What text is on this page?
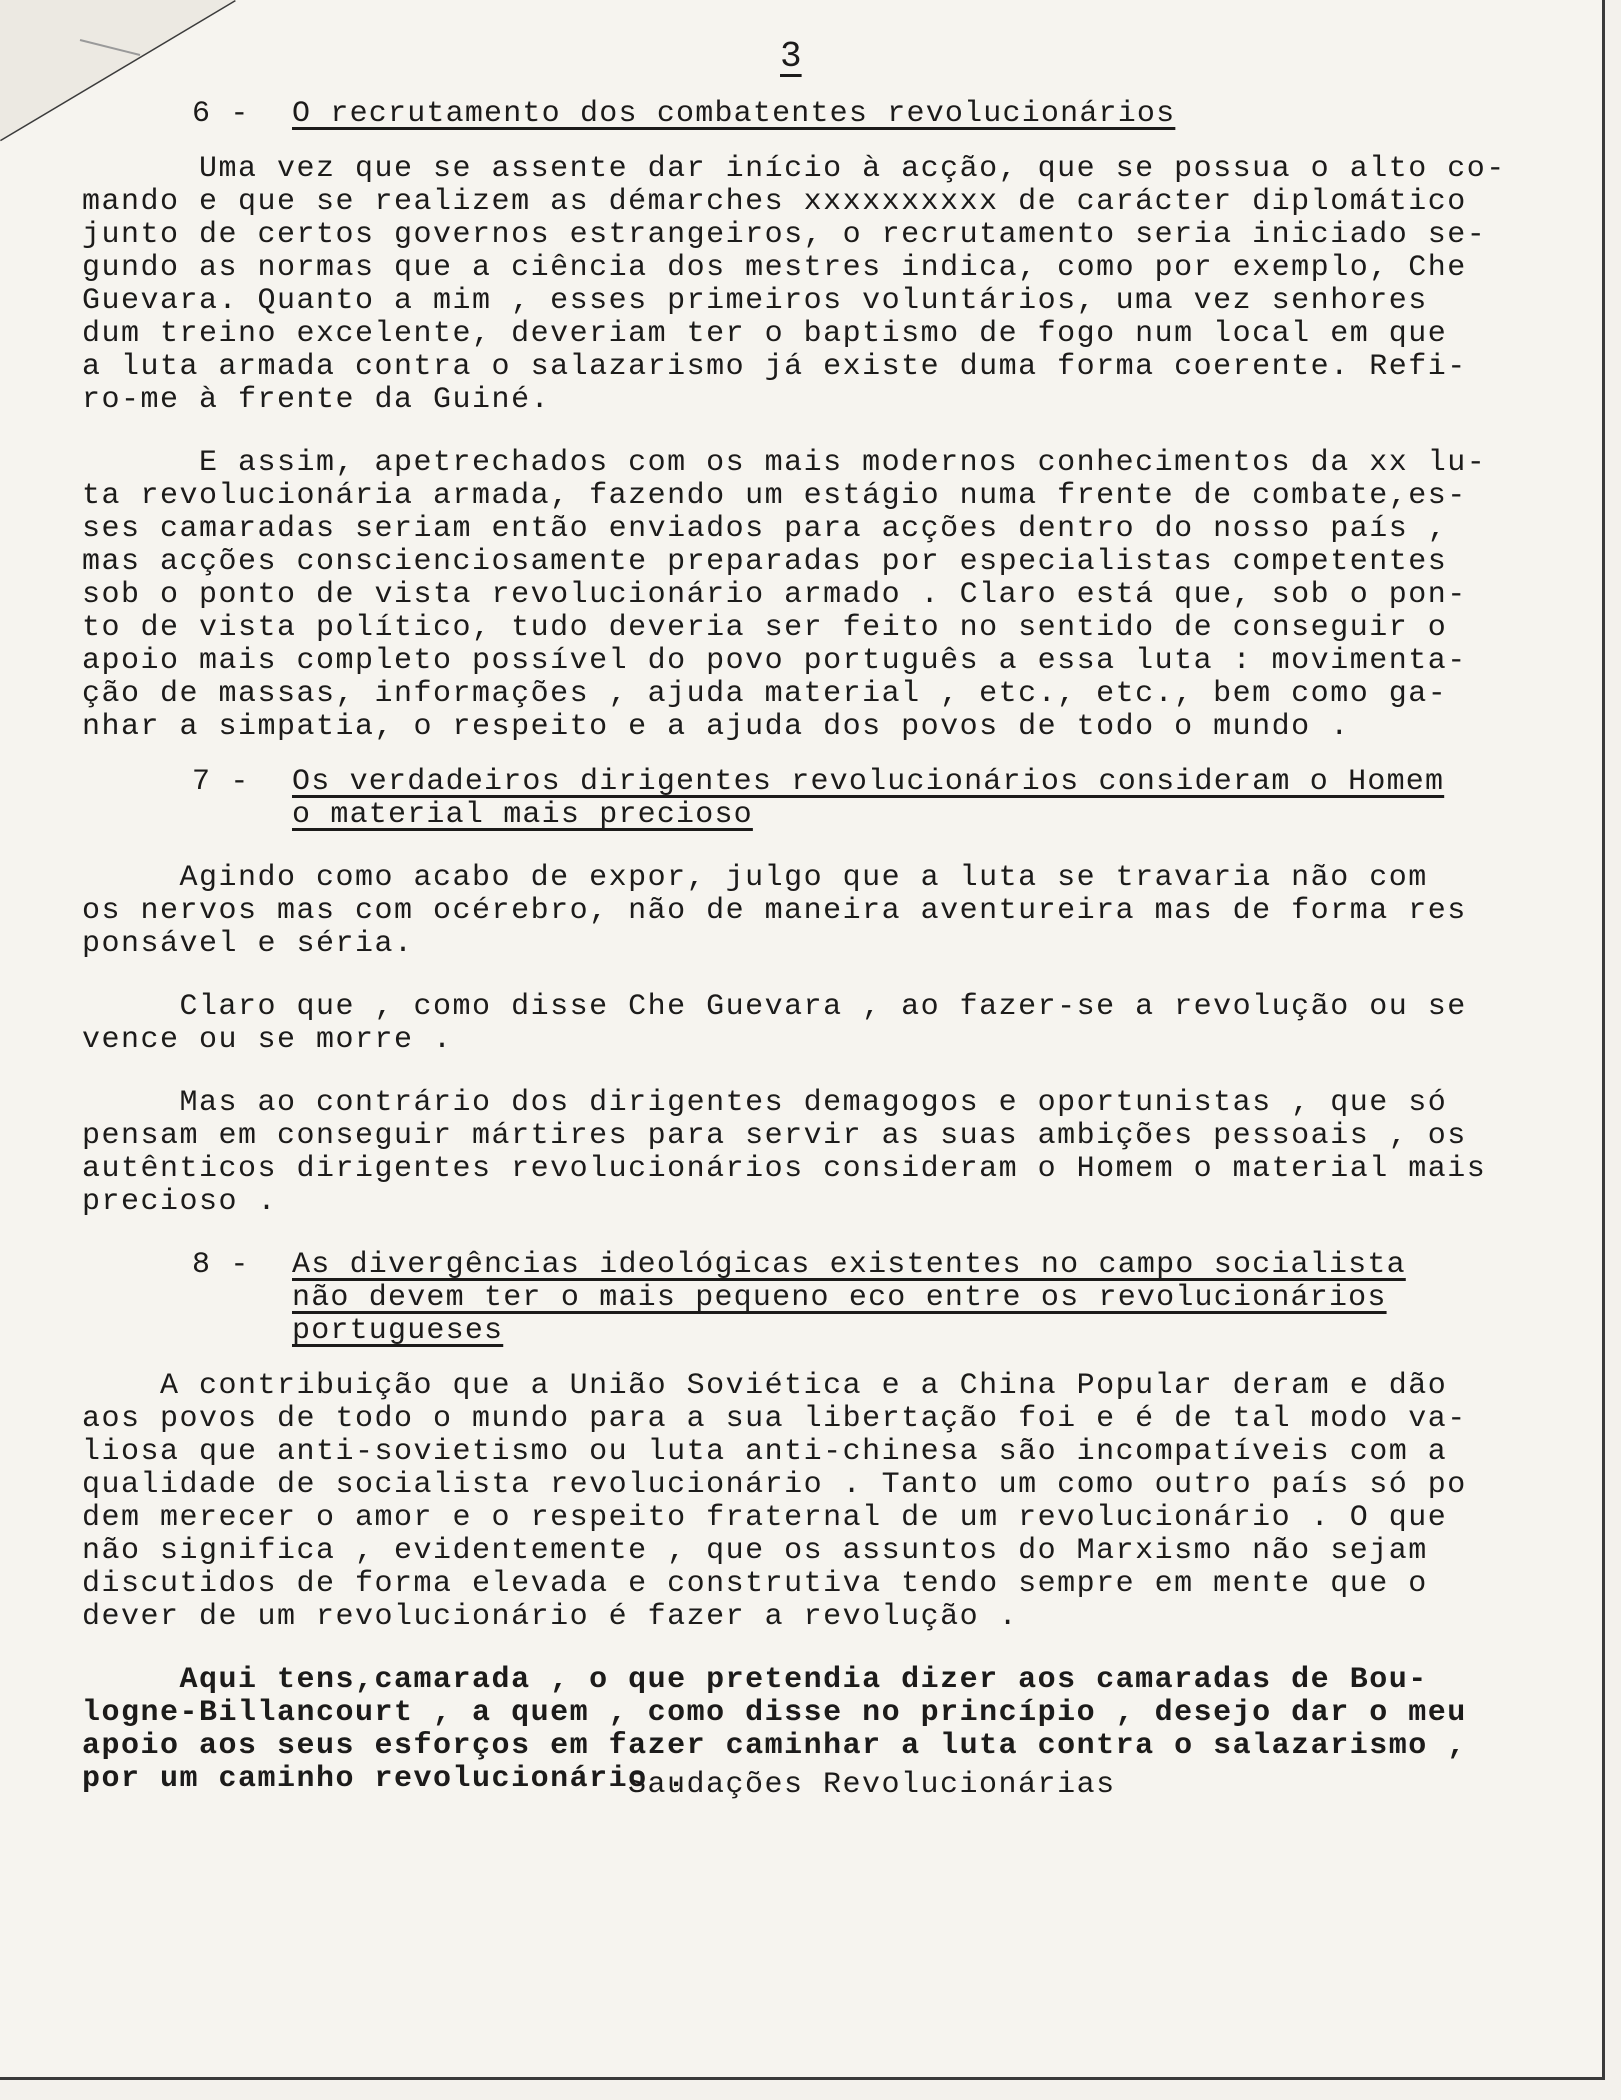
3

6 - O recrutamento dos combatentes revolucionários
Uma vez que se assente dar início à acção, que se possua o alto co-
mando e que se realizem as démarches xxxxxxxxxx de carácter diplomático
junto de certos governos estrangeiros, o recrutamento seria iniciado se-
gundo as normas que a ciência dos mestres indica, como por exemplo, Che
Guevara. Quanto a mim , esses primeiros voluntários, uma vez senhores
dum treino excelente, deveriam ter o baptismo de fogo num local em que
a luta armada contra o salazarismo já existe duma forma coerente. Refi-
ro-me à frente da Guiné.
E assim, apetrechados com os mais modernos conhecimentos da xx lu-
ta revolucionária armada, fazendo um estágio numa frente de combate,es-
ses camaradas seriam então enviados para acções dentro do nosso país ,
mas acções conscienciosamente preparadas por especialistas competentes
sob o ponto de vista revolucionário armado . Claro está que, sob o pon-
to de vista político, tudo deveria ser feito no sentido de conseguir o
apoio mais completo possível do povo português a essa luta : movimenta-
ção de massas, informações , ajuda material , etc., etc., bem como ga-
nhar a simpatia, o respeito e a ajuda dos povos de todo o mundo .
7 - Os verdadeiros dirigentes revolucionários consideram o Homem
o material mais precioso
Agindo como acabo de expor, julgo que a luta se travaria não com
os nervos mas com océrebro, não de maneira aventureira mas de forma res
ponsável e séria.
Claro que , como disse Che Guevara , ao fazer-se a revolução ou se
vence ou se morre .
Mas ao contrário dos dirigentes demagogos e oportunistas , que só
pensam em conseguir mártires para servir as suas ambições pessoais , os
autênticos dirigentes revolucionários consideram o Homem o material mais
precioso .
8 - As divergências ideológicas existentes no campo socialista
não devem ter o mais pequeno eco entre os revolucionários
portugueses
A contribuição que a União Soviética e a China Popular deram e dão
aos povos de todo o mundo para a sua libertação foi e é de tal modo va-
liosa que anti-sovietismo ou luta anti-chinesa são incompatíveis com a
qualidade de socialista revolucionário . Tanto um como outro país só po
dem merecer o amor e o respeito fraternal de um revolucionário . O que
não significa , evidentemente , que os assuntos do Marxismo não sejam
discutidos de forma elevada e construtiva tendo sempre em mente que o
dever de um revolucionário é fazer a revolução .
Aqui tens,camarada , o que pretendia dizer aos camaradas de Bou-
logne-Billancourt , a quem , como disse no princípio , desejo dar o meu
apoio aos seus esforços em fazer caminhar a luta contra o salazarismo ,
por um caminho revolucionário .
Saudações Revolucionárias
